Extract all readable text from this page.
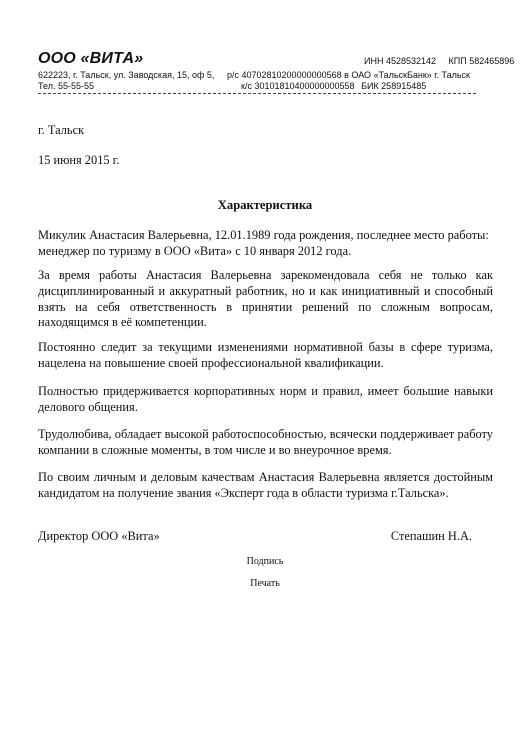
ООО «ВИТА»	ИНН 4528532142 КПП 582465896
622223, г. Тальск, ул. Заводская, 15, оф 5,
Тел. 55-55-55
р/с 40702810200000000568 в ОАО «ТальскБанк» г. Тальск
к/с 30101810400000000558 БИК 258915485
г. Тальск
15 июня 2015 г.
Характеристика
Микулик Анастасия Валерьевна, 12.01.1989 года рождения, последнее место работы: менеджер по туризму в ООО «Вита» с 10 января 2012 года.
За время работы Анастасия Валерьевна зарекомендовала себя не только как дисциплинированный и аккуратный работник, но и как инициативный и способный взять на себя ответственность в принятии решений по сложным вопросам, находящимся в её компетенции.
Постоянно следит за текущими изменениями нормативной базы в сфере туризма, нацелена на повышение своей профессиональной квалификации.
Полностью придерживается корпоративных норм и правил, имеет большие навыки делового общения.
Трудолюбива, обладает высокой работоспособностью, всячески поддерживает работу компании в сложные моменты, в том числе и во внеурочное время.
По своим личным и деловым качествам Анастасия Валерьевна является достойным кандидатом на получение звания «Эксперт года в области туризма г.Тальска».
Директор ООО «Вита»	Степашин Н.А.
Подпись
Печать
